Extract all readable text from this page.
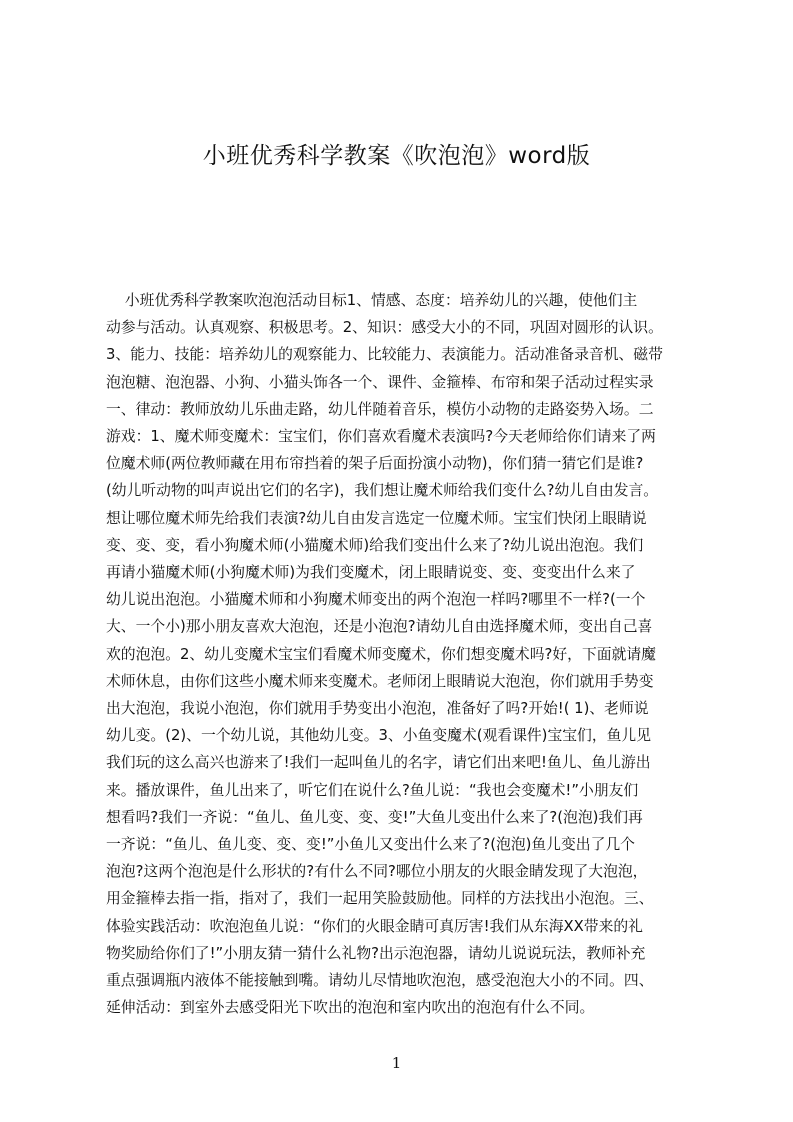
小班优秀科学教案《吹泡泡》word版
小班优秀科学教案吹泡泡活动目标1、情感、态度：培养幼儿的兴趣，使他们主
动参与活动。认真观察、积极思考。2、知识：感受大小的不同，巩固对圆形的认识。
3、能力、技能：培养幼儿的观察能力、比较能力、表演能力。活动准备录音机、磁带
泡泡糖、泡泡器、小狗、小猫头饰各一个、课件、金箍棒、布帘和架子活动过程实录
一、律动：教师放幼儿乐曲走路，幼儿伴随着音乐，模仿小动物的走路姿势入场。二
游戏：1、魔术师变魔术：宝宝们，你们喜欢看魔术表演吗?今天老师给你们请来了两
位魔术师(两位教师藏在用布帘挡着的架子后面扮演小动物)，你们猜一猜它们是谁?
(幼儿听动物的叫声说出它们的名字)，我们想让魔术师给我们变什么?幼儿自由发言。
想让哪位魔术师先给我们表演?幼儿自由发言选定一位魔术师。宝宝们快闭上眼睛说
变、变、变，看小狗魔术师(小猫魔术师)给我们变出什么来了?幼儿说出泡泡。我们
再请小猫魔术师(小狗魔术师)为我们变魔术，闭上眼睛说变、变、变变出什么来了
幼儿说出泡泡。小猫魔术师和小狗魔术师变出的两个泡泡一样吗?哪里不一样?(一个
大、一个小)那小朋友喜欢大泡泡，还是小泡泡?请幼儿自由选择魔术师，变出自己喜
欢的泡泡。2、幼儿变魔术宝宝们看魔术师变魔术，你们想变魔术吗?好，下面就请魔
术师休息，由你们这些小魔术师来变魔术。老师闭上眼睛说大泡泡，你们就用手势变
出大泡泡，我说小泡泡，你们就用手势变出小泡泡，准备好了吗?开始!( 1)、老师说
幼儿变。(2)、一个幼儿说，其他幼儿变。3、小鱼变魔术(观看课件)宝宝们，鱼儿见
我们玩的这么高兴也游来了!我们一起叫鱼儿的名字，请它们出来吧!鱼儿、鱼儿游出
来。播放课件，鱼儿出来了，听它们在说什么?鱼儿说：“我也会变魔术!”小朋友们
想看吗?我们一齐说：“鱼儿、鱼儿变、变、变!”大鱼儿变出什么来了?(泡泡)我们再
一齐说：“鱼儿、鱼儿变、变、变!”小鱼儿又变出什么来了?(泡泡)鱼儿变出了几个
泡泡?这两个泡泡是什么形状的?有什么不同?哪位小朋友的火眼金睛发现了大泡泡，
用金箍棒去指一指，指对了，我们一起用笑脸鼓励他。同样的方法找出小泡泡。三、
体验实践活动：吹泡泡鱼儿说：“你们的火眼金睛可真厉害!我们从东海XX带来的礼
物奖励给你们了!”小朋友猜一猜什么礼物?出示泡泡器，请幼儿说说玩法，教师补充
重点强调瓶内液体不能接触到嘴。请幼儿尽情地吹泡泡，感受泡泡大小的不同。四、
延伸活动：到室外去感受阳光下吹出的泡泡和室内吹出的泡泡有什么不同。
1
